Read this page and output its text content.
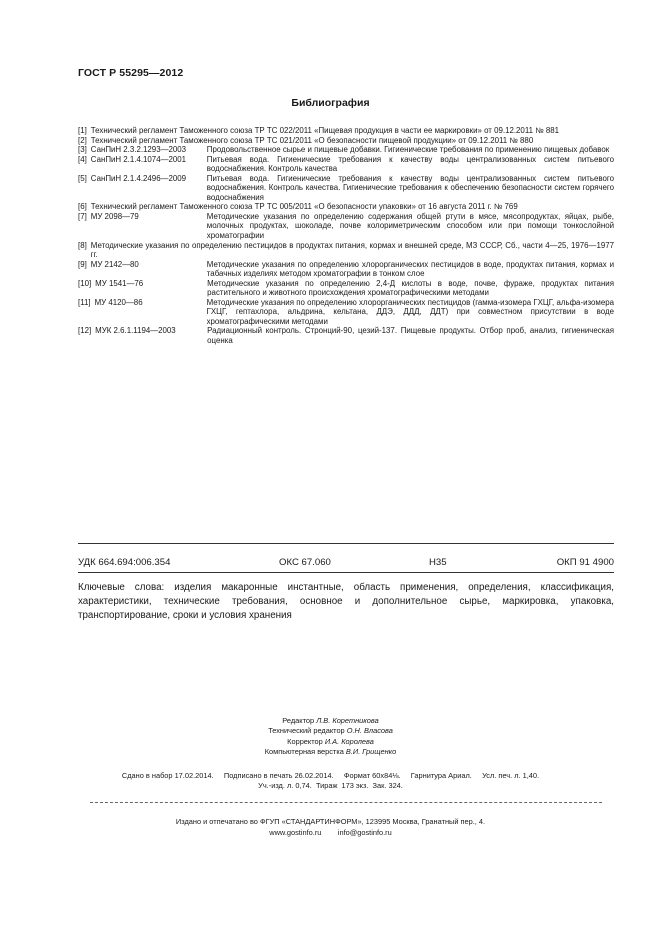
ГОСТ Р 55295—2012
Библиография
[1] Технический регламент Таможенного союза ТР ТС 022/2011 «Пищевая продукция в части ее маркировки» от 09.12.2011 № 881
[2] Технический регламент Таможенного союза ТР ТС 021/2011 «О безопасности пищевой продукции» от 09.12.2011 № 880
[3] СанПиН 2.3.2.1293—2003	Продовольственное сырье и пищевые добавки. Гигиенические требования по применению пищевых добавок
[4] СанПиН 2.1.4.1074—2001	Питьевая вода. Гигиенические требования к качеству воды централизованных систем питьевого водоснабжения. Контроль качества
[5] СанПиН 2.1.4.2496—2009	Питьевая вода. Гигиенические требования к качеству воды централизованных систем питьевого водоснабжения. Контроль качества. Гигиенические требования к обеспечению безопасности систем горячего водоснабжения
[6] Технический регламент Таможенного союза ТР ТС 005/2011 «О безопасности упаковки» от 16 августа 2011 г. № 769
[7] МУ 2098—79	Методические указания по определению содержания общей ртути в мясе, мясопродуктах, яйцах, рыбе, молочных продуктах, шоколаде, почве колориметрическим способом или при помощи тонкослойной хроматографии
[8] Методические указания по определению пестицидов в продуктах питания, кормах и внешней среде, МЗ СССР, Сб., части 4—25, 1976—1977 гг.
[9] МУ 2142—80	Методические указания по определению хлорорганических пестицидов в воде, продуктах питания, кормах и табачных изделиях методом хроматографии в тонком слое
[10] МУ 1541—76	Методические указания по определению 2,4-Д кислоты в воде, почве, фураже, продуктах питания растительного и животного происхождения хроматографическими методами
[11] МУ 4120—86	Методические указания по определению хлорорганических пестицидов (гамма-изомера ГХЦГ, альфа-изомера ГХЦГ, гептахлора, альдрина, кельтана, ДДЭ, ДДД, ДДТ) при совместном присутствии в воде хроматографическими методами
[12] МУК 2.6.1.1194—2003	Радиационный контроль. Стронций-90, цезий-137. Пищевые продукты. Отбор проб, анализ, гигиеническая оценка
УДК 664.694:006.354	ОКС 67.060	Н35	ОКП 91 4900
Ключевые слова: изделия макаронные инстантные, область применения, определения, классификация, характеристики, технические требования, основное и дополнительное сырье, маркировка, упаковка, транспортирование, сроки и условия хранения
Редактор Л.В. Коретникова
Технический редактор О.Н. Власова
Корректор И.А. Королева
Компьютерная верстка В.И. Грищенко
Сдано в набор 17.02.2014.     Подписано в печать 26.02.2014.     Формат 60x84⅛.     Гарнитура Ариал.     Усл. печ. л. 1,40.
Уч.-изд. л. 0,74.  Тираж  173 экз.  Зак. 324.
Издано и отпечатано во ФГУП «СТАНДАРТИНФОРМ», 123995 Москва, Гранатный пер., 4.
www.gostinfo.ru        info@gostinfo.ru
